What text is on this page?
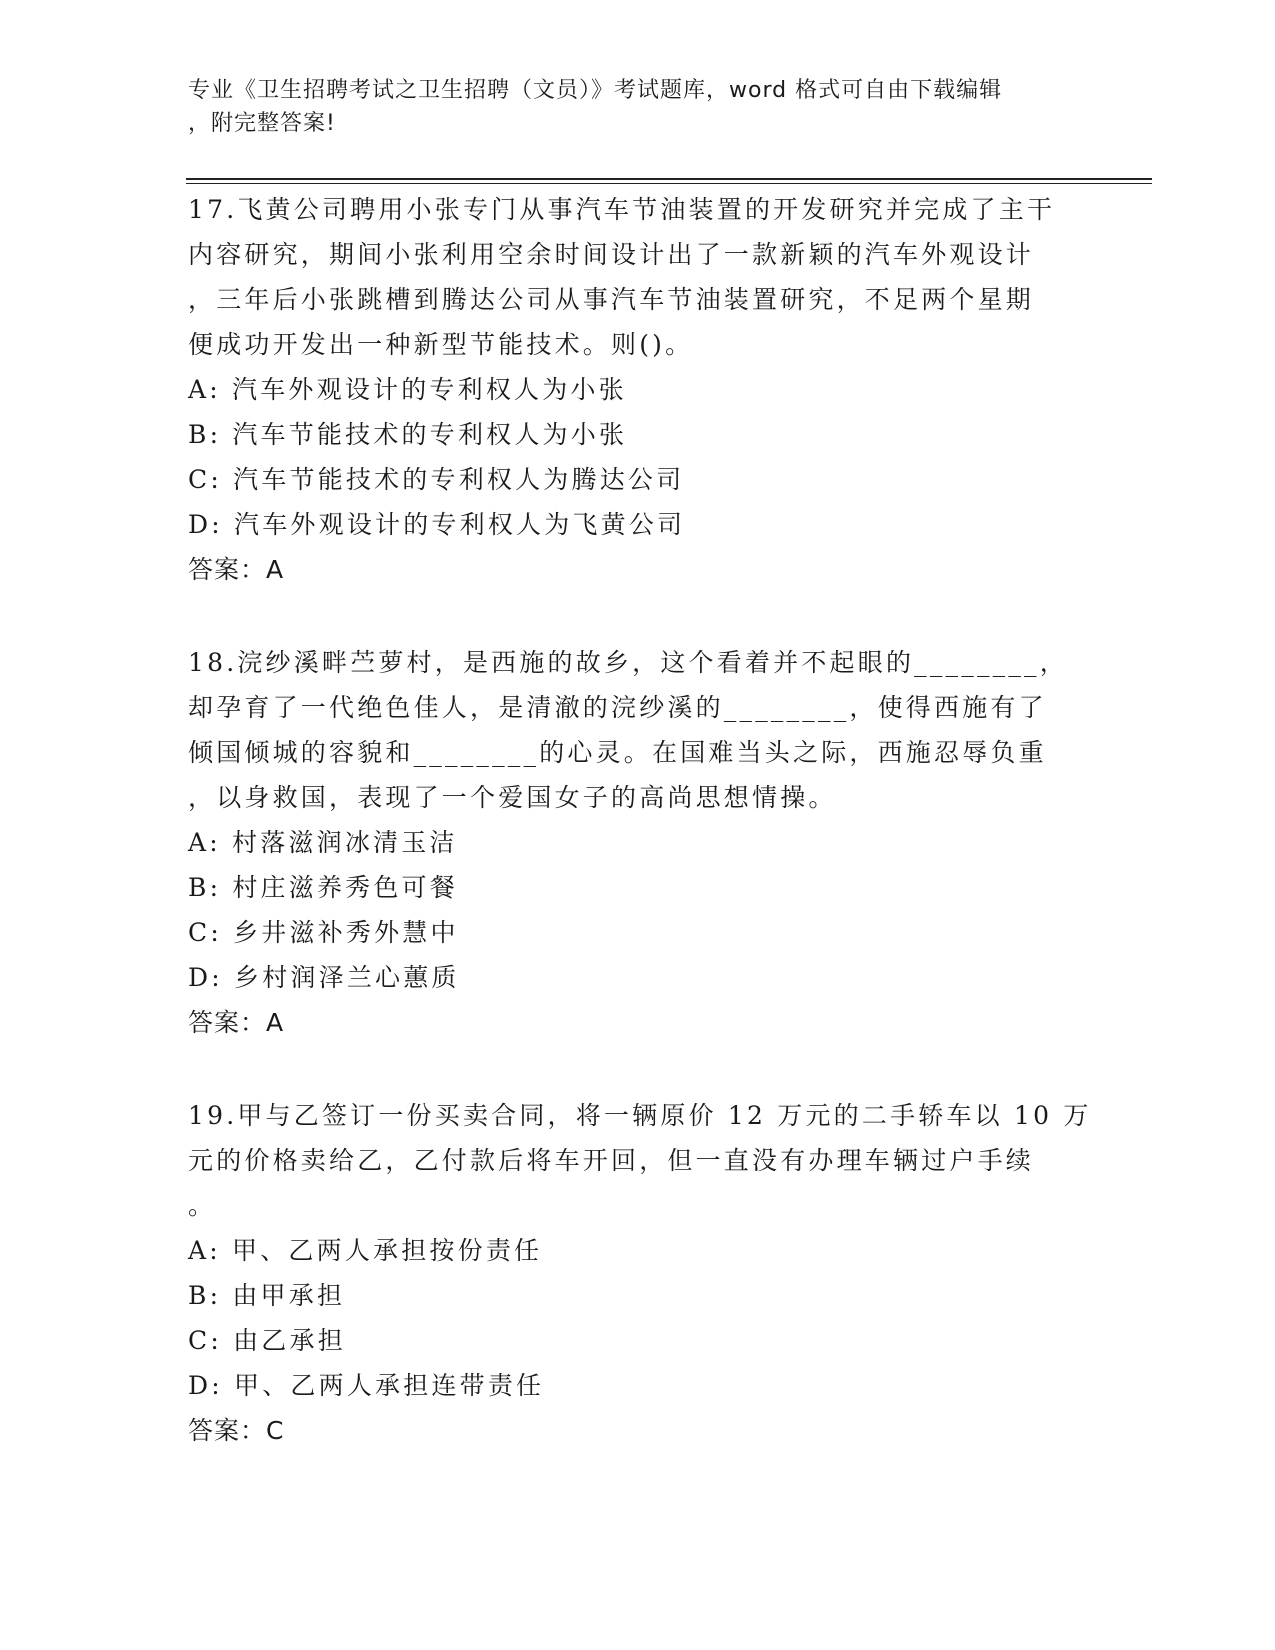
专业《卫生招聘考试之卫生招聘（文员）》考试题库，word 格式可自由下载编辑
，附完整答案!
17.飞黄公司聘用小张专门从事汽车节油装置的开发研究并完成了主干
内容研究，期间小张利用空余时间设计出了一款新颖的汽车外观设计
，三年后小张跳槽到腾达公司从事汽车节油装置研究，不足两个星期
便成功开发出一种新型节能技术。则()。
A: 汽车外观设计的专利权人为小张
B: 汽车节能技术的专利权人为小张
C: 汽车节能技术的专利权人为腾达公司
D: 汽车外观设计的专利权人为飞黄公司
答案：A
18.浣纱溪畔苎萝村，是西施的故乡，这个看着并不起眼的________，
却孕育了一代绝色佳人，是清澈的浣纱溪的________，使得西施有了
倾国倾城的容貌和________的心灵。在国难当头之际，西施忍辱负重
，以身救国，表现了一个爱国女子的高尚思想情操。
A: 村落滋润冰清玉洁
B: 村庄滋养秀色可餐
C: 乡井滋补秀外慧中
D: 乡村润泽兰心蕙质
答案：A
19.甲与乙签订一份买卖合同，将一辆原价 12 万元的二手轿车以 10 万
元的价格卖给乙，乙付款后将车开回，但一直没有办理车辆过户手续
。
A: 甲、乙两人承担按份责任
B: 由甲承担
C: 由乙承担
D: 甲、乙两人承担连带责任
答案：C
